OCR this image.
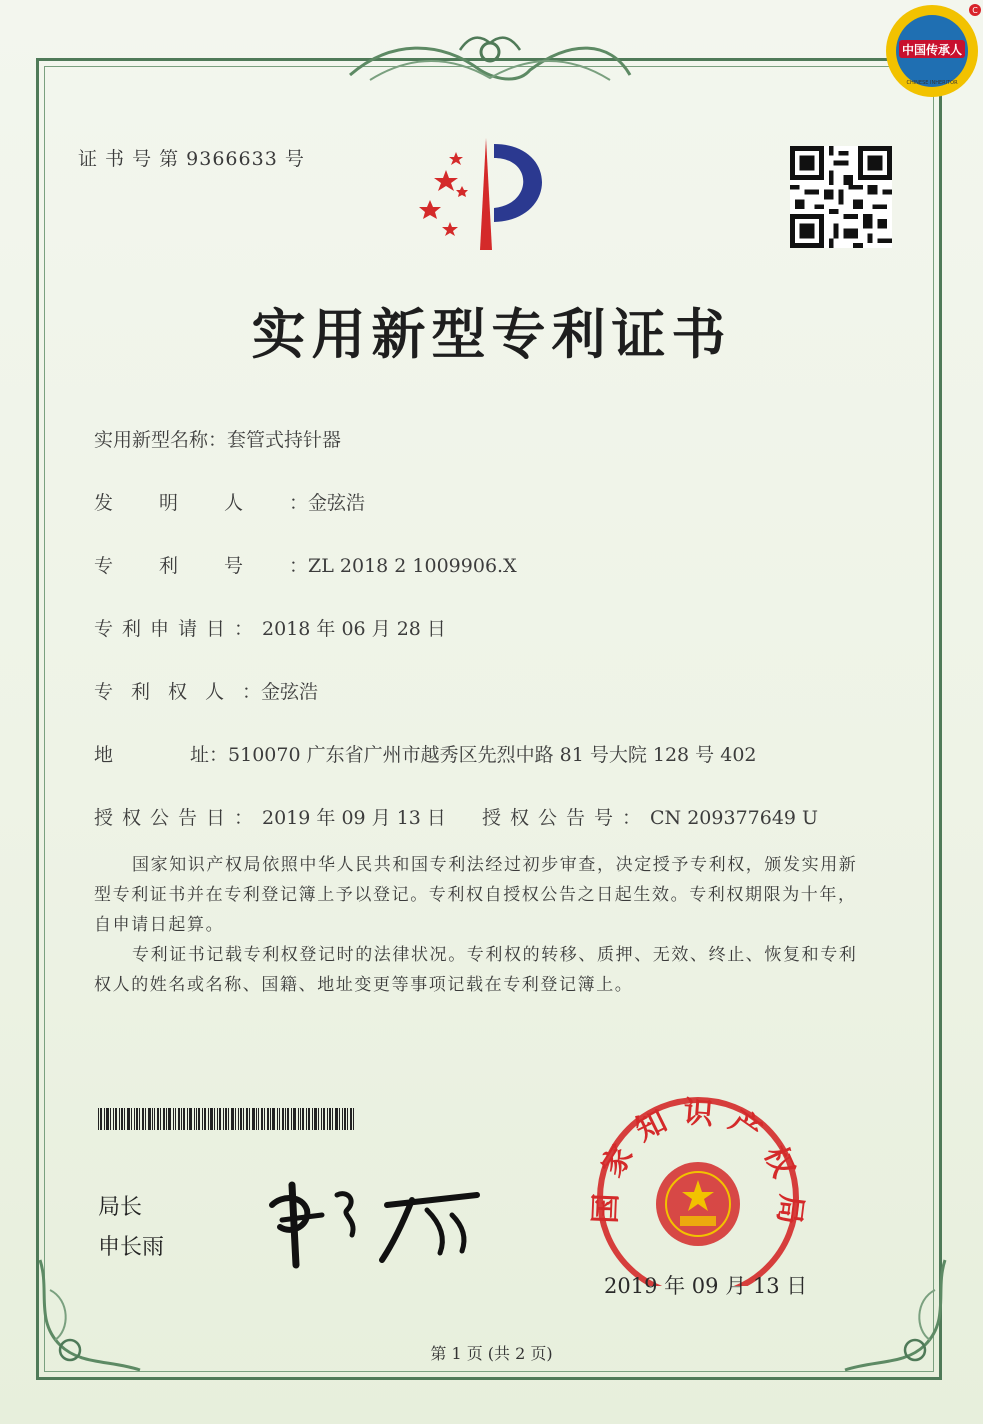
中国传承人
CHINESE INHERITOR
C
证 书 号 第 9366633 号
实用新型专利证书
实用新型名称：套管式持针器
发明人：金弦浩
专利号：ZL 2018 2 1009906.X
专利申请日：2018 年 06 月 28 日
专利权人：金弦浩
地	址：510070 广东省广州市越秀区先烈中路 81 号大院 128 号 402
授权公告日：2019 年 09 月 13 日 授权公告号：CN 209377649 U
国家知识产权局依照中华人民共和国专利法经过初步审查，决定授予专利权，颁发实用新型专利证书并在专利登记簿上予以登记。专利权自授权公告之日起生效。专利权期限为十年，自申请日起算。
专利证书记载专利权登记时的法律状况。专利权的转移、质押、无效、终止、恢复和专利权人的姓名或名称、国籍、地址变更等事项记载在专利登记簿上。
局长
申长雨
国家知识产权局
2019 年 09 月 13 日
第 1 页 (共 2 页)
